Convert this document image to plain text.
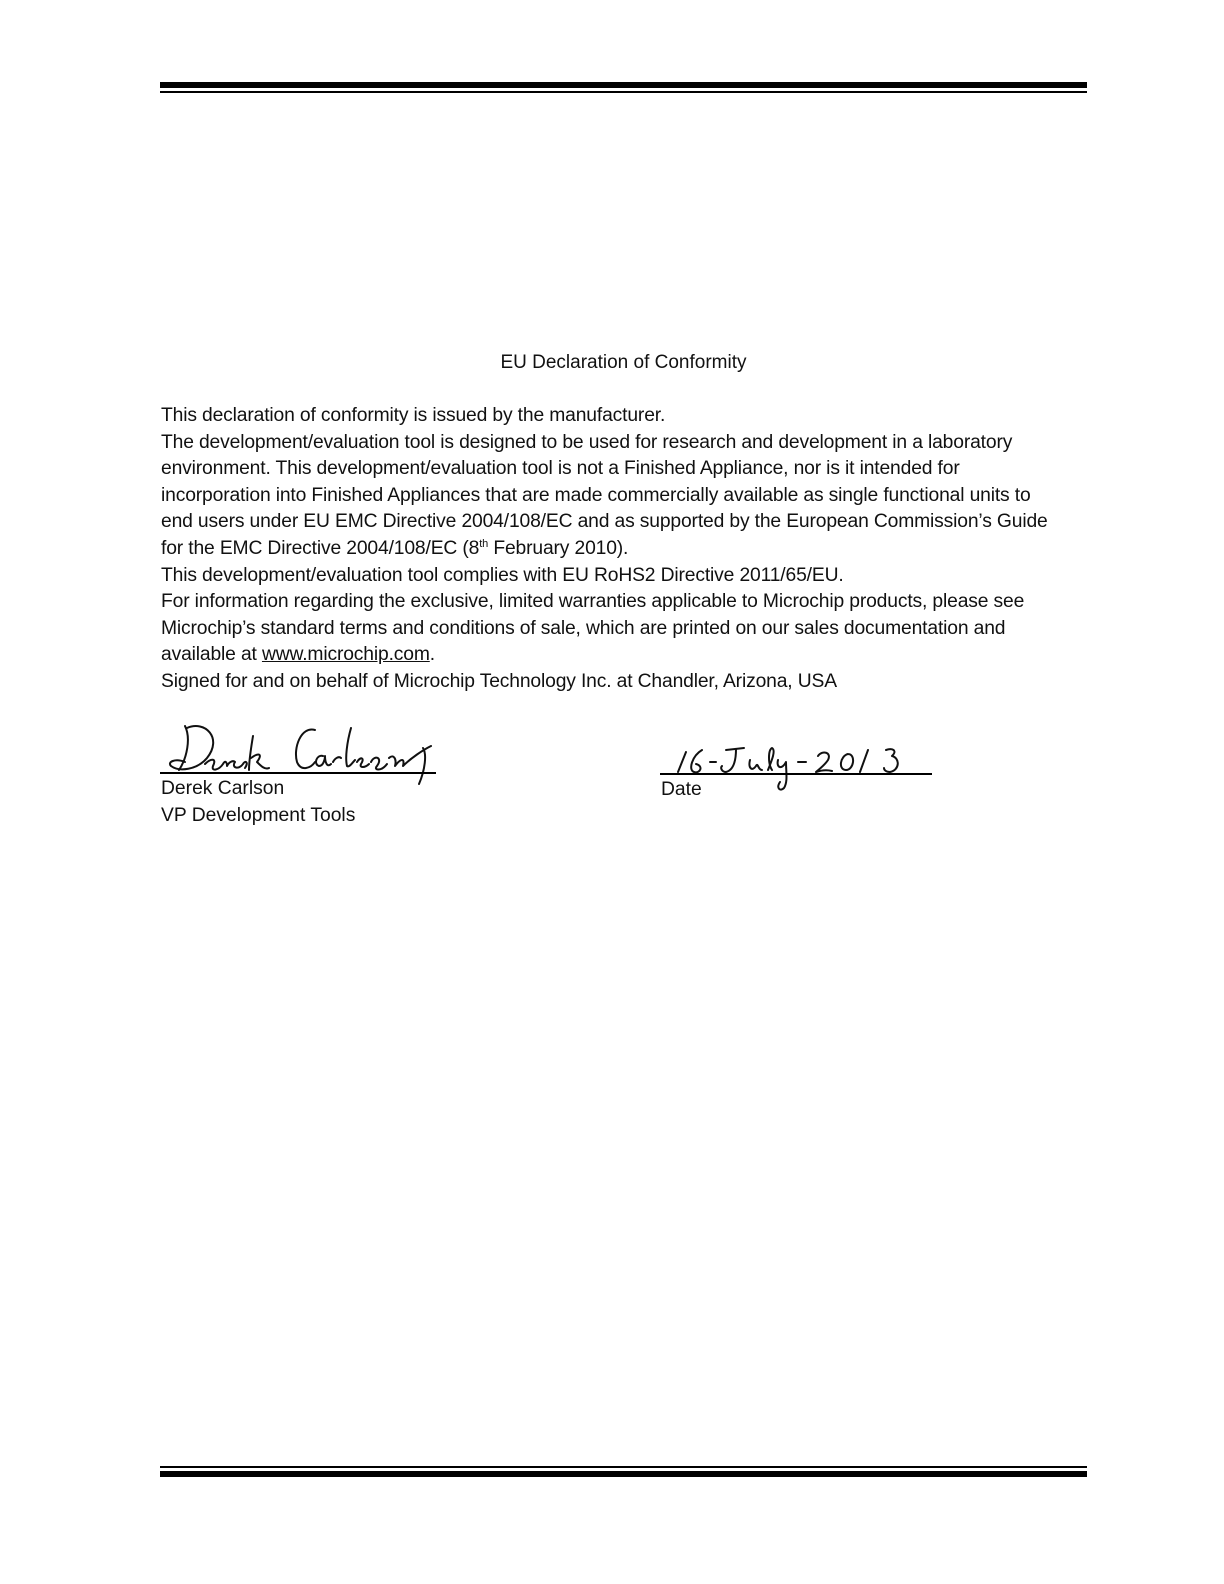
EU Declaration of Conformity

This declaration of conformity is issued by the manufacturer.

The development/evaluation tool is designed to be used for research and development in a laboratory

environment. This development/evaluation tool is not a Finished Appliance, nor is it intended for

incorporation into Finished Appliances that are made commercially available as single functional units to

end users under EU EMC Directive 2004/108/EC and as supported by the European Commission’s Guide

for the EMC Directive 2004/108/EC (8th February 2010).

This development/evaluation tool complies with EU RoHS2 Directive 2011/65/EU.

For information regarding the exclusive, limited warranties applicable to Microchip products, please see

Microchip’s standard terms and conditions of sale, which are printed on our sales documentation and

available at www.microchip.com.

Signed for and on behalf of Microchip Technology Inc. at Chandler, Arizona, USA

Derek Carlson
VP Development Tools
Date
